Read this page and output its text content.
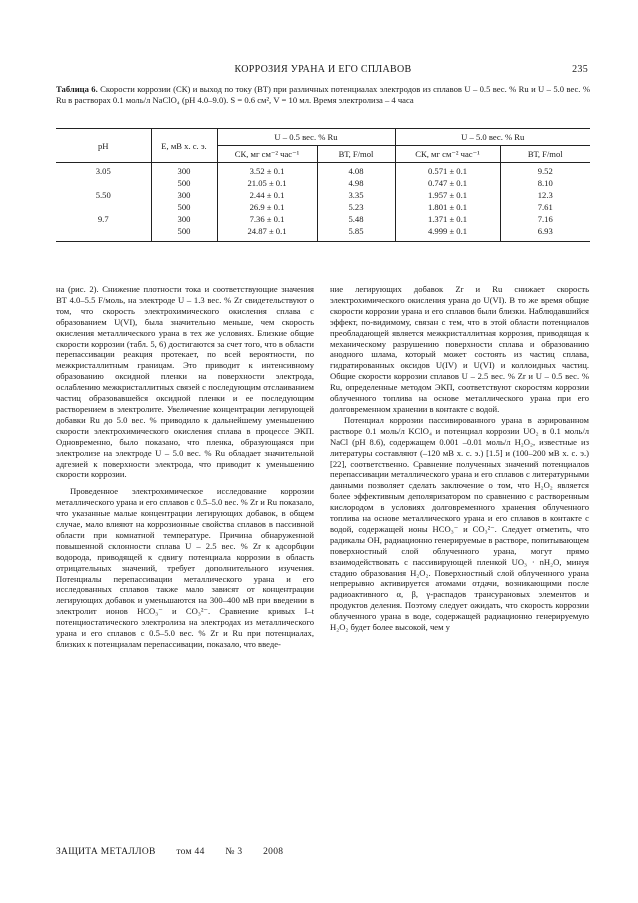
КОРРОЗИЯ УРАНА И ЕГО СПЛАВОВ	235
Таблица 6. Скорости коррозии (СК) и выход по току (ВТ) при различных потенциалах электродов из сплавов U – 0.5 вес. % Ru и U – 5.0 вес. % Ru в растворах 0.1 моль/л NaClO₄ (рН 4.0–9.0). S = 0.6 см², V = 10 мл. Время электролиза – 4 часа
pH	E, мВ х. с. э.	U – 0.5 вес. % Ru		U – 5.0 вес. % Ru	
		СК, мг см⁻² час⁻¹	ВТ, F/mol	СК, мг см⁻² час⁻¹	ВТ, F/mol
3.05	300	3.52 ± 0.1	4.08	0.571 ± 0.1	9.52
	500	21.05 ± 0.1	4.98	0.747 ± 0.1	8.10
5.50	300	2.44 ± 0.1	3.35	1.957 ± 0.1	12.3
	500	26.9 ± 0.1	5.23	1.801 ± 0.1	7.61
9.7	300	7.36 ± 0.1	5.48	1.371 ± 0.1	7.16
	500	24.87 ± 0.1	5.85	4.999 ± 0.1	6.93

на (рис. 2). Снижение плотности тока и соответствующие значения ВТ 4.0–5.5 F/моль, на электроде U – 1.3 вес. % Zr свидетельствуют о том, что скорость электрохимического окисления сплава с образованием U(VI), была значительно меньше, чем скорость окисления металлического урана в тех же условиях. Близкие общие скорости коррозии (табл. 5, 6) достигаются за счет того, что в области перепассивации реакция протекает, по всей вероятности, по межкристаллитным границам. Это приводит к интенсивному образованию оксидной пленки на поверхности электрода, ослаблению межкристаллитных связей с последующим отслаиванием частиц образовавшейся оксидной пленки и ее последующим растворением в электролите. Увеличение концентрации легирующей добавки Ru до 5.0 вес. % приводило к дальнейшему уменьшению скорости электрохимического окисления сплава в процессе ЭКП. Одновременно, было показано, что пленка, образующаяся при электролизе на электроде U – 5.0 вес. % Ru обладает значительной адгезией к поверхности электрода, что приводит к уменьшению скорости коррозии.

Проведенное электрохимическое исследование коррозии металлического урана и его сплавов с 0.5–5.0 вес. % Zr и Ru показало, что указанные малые концентрации легирующих добавок, в общем случае, мало влияют на коррозионные свойства сплавов в пассивной области при комнатной температуре. Причина обнаруженной повышенной склонности сплава U – 2.5 вес. % Zr к адсорбции водорода, приводящей к сдвигу потенциала коррозии в область отрицательных значений, требует дополнительного изучения. Потенциалы перепассивации металлического урана и его исследованных сплавов также мало зависят от концентрации легирующих добавок и уменьшаются на 300–400 мВ при введении в электролит ионов HCO₃⁻ и CO₃²⁻. Сравнение кривых I–t потенциостатического электролиза на электродах из металлического урана и его сплавов с 0.5–5.0 вес. % Zr и Ru при потенциалах, близких к потенциалам перепассивации, показало, что введе-

ние легирующих добавок Zr и Ru снижает скорость электрохимического окисления урана до U(VI). В то же время общие скорости коррозии урана и его сплавов были близки. Наблюдавшийся эффект, по-видимому, связан с тем, что в этой области потенциалов преобладающей является межкристаллитная коррозия, приводящая к механическому разрушению поверхности сплава и образованию анодного шлама, который может состоять из частиц сплава, гидратированных оксидов U(IV) и U(VI) и коллоидных частиц. Общие скорости коррозии сплавов U – 2.5 вес. % Zr и U – 0.5 вес. % Ru, определенные методом ЭКП, соответствуют скоростям коррозии облученного топлива на основе металлического урана при его долговременном хранении в контакте с водой.

Потенциал коррозии пассивированного урана в аэрированном растворе 0.1 моль/л KClO₄ и потенциал коррозии UO₂ в 0.1 моль/л NaCl (рН 8.6), содержащем 0.001 –0.01 моль/л H₂O₂, известные из литературы составляют (–120 мВ х. с. э.) [1.5] и (100–200 мВ х. с. э.) [22], соответственно. Сравнение полученных значений потенциалов перепассивации металлического урана и его сплавов с литературными данными позволяет сделать заключение о том, что H₂O₂ является более эффективным деполяризатором по сравнению с растворенным кислородом в условиях долговременного хранения облученного топлива на основе металлического урана и его сплавов в контакте с водой, содержащей ионы HCO₃⁻ и CO₃²⁻. Следует отметить, что радикалы OH, радиационно генерируемые в растворе, попитывающем поверхностный слой облученного урана, могут прямо взаимодействовать с пассивирующей пленкой UO₃ · nH₂O, минуя стадию образования H₂O₂. Поверхностный слой облученного урана непрерывно активируется атомами отдачи, возникающими после радиоактивного α, β, γ-распадов трансурановых элементов и продуктов деления. Поэтому следует ожидать, что скорость коррозии облученного урана в воде, содержащей радиационно генерируемую H₂O₂ будет более высокой, чем у

ЗАЩИТА МЕТАЛЛОВ том 44 № 3 2008
